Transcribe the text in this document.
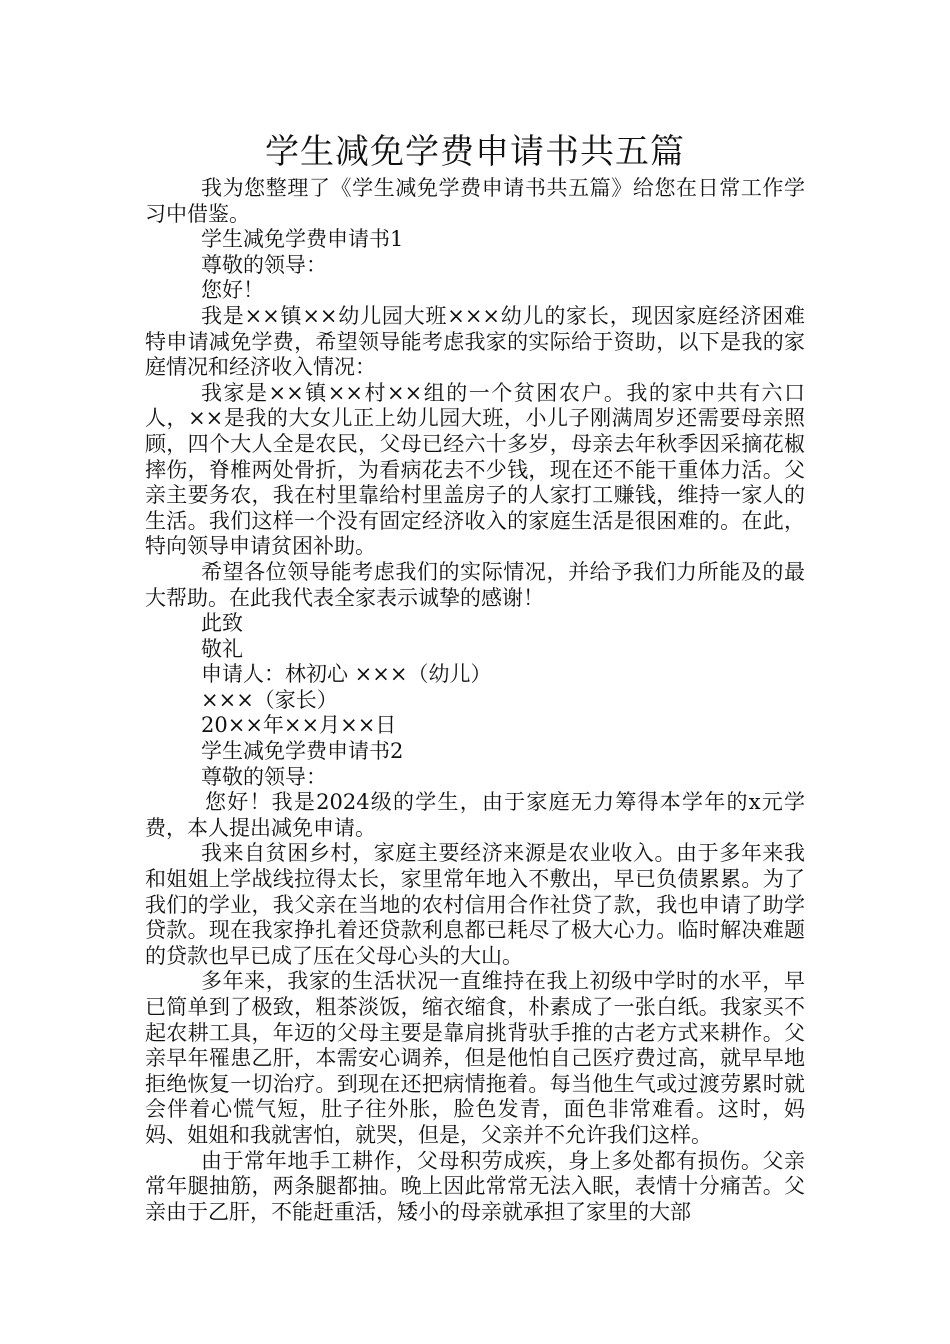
学生减免学费申请书共五篇

我为您整理了《学生减免学费申请书共五篇》给您在日常工作学习中借鉴。

学生减免学费申请书1

尊敬的领导：

您好！

我是××镇××幼儿园大班×××幼儿的家长，现因家庭经济困难特申请减免学费，希望领导能考虑我家的实际给于资助，以下是我的家庭情况和经济收入情况：

我家是××镇××村××组的一个贫困农户。我的家中共有六口人，××是我的大女儿正上幼儿园大班，小儿子刚满周岁还需要母亲照顾，四个大人全是农民，父母已经六十多岁，母亲去年秋季因采摘花椒摔伤，脊椎两处骨折，为看病花去不少钱，现在还不能干重体力活。父亲主要务农，我在村里靠给村里盖房子的人家打工赚钱，维持一家人的生活。我们这样一个没有固定经济收入的家庭生活是很困难的。在此，特向领导申请贫困补助。

希望各位领导能考虑我们的实际情况，并给予我们力所能及的最大帮助。在此我代表全家表示诚挚的感谢！

此致

敬礼

申请人：林初心 ×××（幼儿）

×××（家长）

20××年××月××日

学生减免学费申请书2

尊敬的领导：

您好！我是2024级的学生，由于家庭无力筹得本学年的x元学费，本人提出减免申请。

我来自贫困乡村，家庭主要经济来源是农业收入。由于多年来我和姐姐上学战线拉得太长，家里常年地入不敷出，早已负债累累。为了我们的学业，我父亲在当地的农村信用合作社贷了款，我也申请了助学贷款。现在我家挣扎着还贷款利息都已耗尽了极大心力。临时解决难题的贷款也早已成了压在父母心头的大山。

多年来，我家的生活状况一直维持在我上初级中学时的水平，早已简单到了极致，粗茶淡饭，缩衣缩食，朴素成了一张白纸。我家买不起农耕工具，年迈的父母主要是靠肩挑背驮手推的古老方式来耕作。父亲早年罹患乙肝，本需安心调养，但是他怕自己医疗费过高，就早早地拒绝恢复一切治疗。到现在还把病情拖着。每当他生气或过渡劳累时就会伴着心慌气短，肚子往外胀，脸色发青，面色非常难看。这时，妈妈、姐姐和我就害怕，就哭，但是，父亲并不允许我们这样。

由于常年地手工耕作，父母积劳成疾，身上多处都有损伤。父亲常年腿抽筋，两条腿都抽。晚上因此常常无法入眠，表情十分痛苦。父亲由于乙肝，不能赶重活，矮小的母亲就承担了家里的大部
